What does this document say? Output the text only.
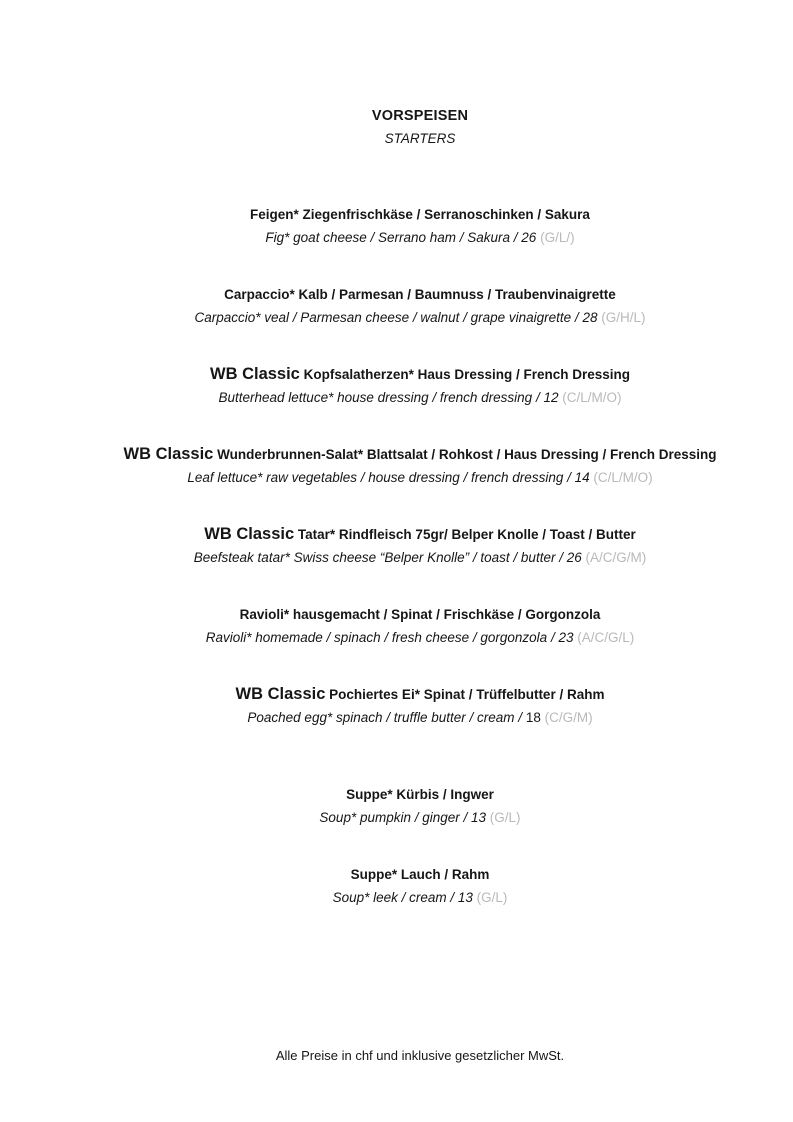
VORSPEISEN
STARTERS
Feigen* Ziegenfrischkäse / Serranoschinken / Sakura
Fig* goat cheese / Serrano ham / Sakura / 26 (G/L/)
Carpaccio* Kalb / Parmesan / Baumnuss / Traubenvinaigrette
Carpaccio* veal / Parmesan cheese / walnut / grape vinaigrette / 28 (G/H/L)
WB Classic Kopfsalatherzen* Haus Dressing / French Dressing
Butterhead lettuce* house dressing / french dressing / 12 (C/L/M/O)
WB Classic Wunderbrunnen-Salat* Blattsalat / Rohkost / Haus Dressing / French Dressing
Leaf lettuce* raw vegetables / house dressing / french dressing / 14 (C/L/M/O)
WB Classic Tatar* Rindfleisch 75gr/ Belper Knolle / Toast / Butter
Beefsteak tatar* Swiss cheese “Belper Knolle” / toast / butter / 26 (A/C/G/M)
Ravioli* hausgemacht / Spinat / Frischkäse / Gorgonzola
Ravioli* homemade / spinach / fresh cheese / gorgonzola / 23 (A/C/G/L)
WB Classic Pochiertes Ei* Spinat / Trüffelbutter / Rahm
Poached egg* spinach / truffle butter / cream / 18 (C/G/M)
Suppe* Kürbis / Ingwer
Soup* pumpkin / ginger / 13 (G/L)
Suppe* Lauch / Rahm
Soup* leek / cream / 13 (G/L)
Alle Preise in chf und inklusive gesetzlicher MwSt.
